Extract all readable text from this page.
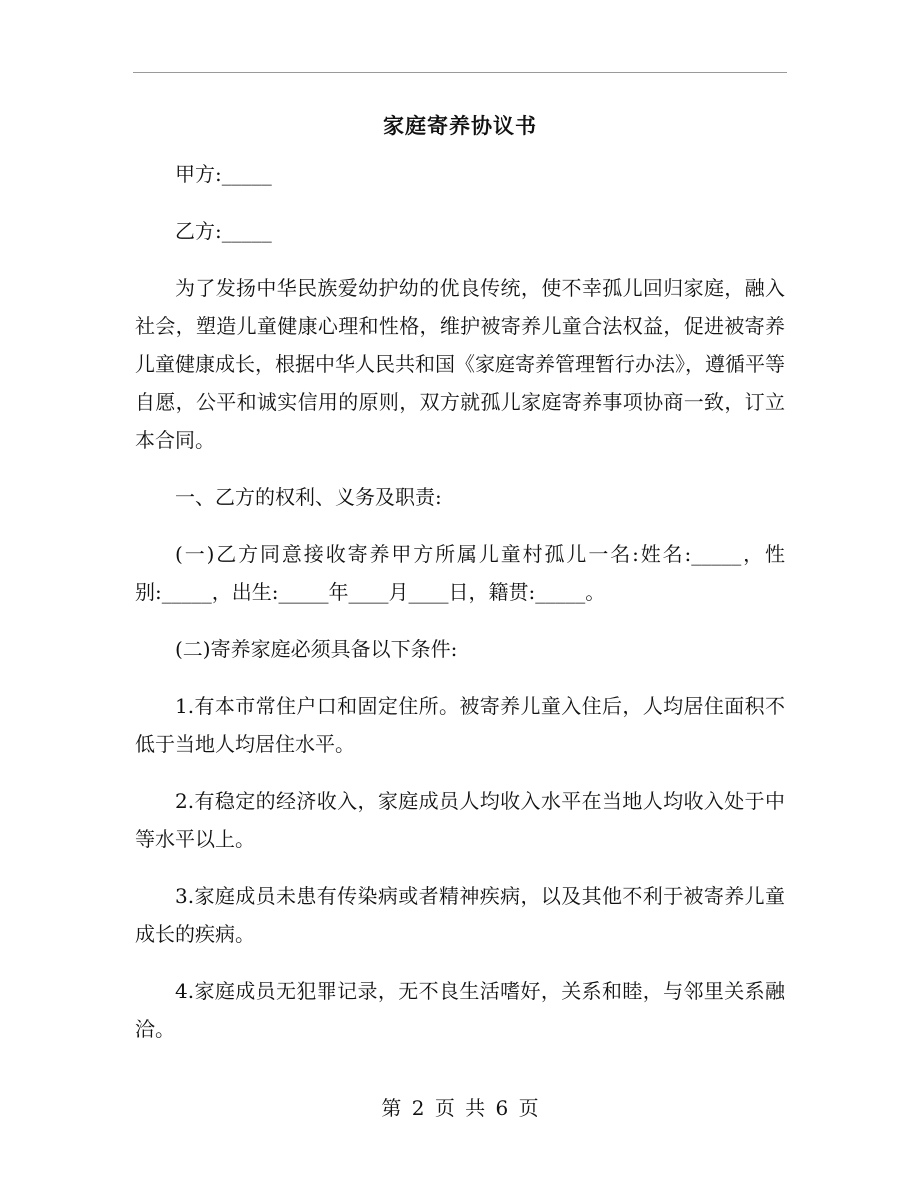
家庭寄养协议书

甲方:_____

乙方:_____

为了发扬中华民族爱幼护幼的优良传统，使不幸孤儿回归家庭，融入社会，塑造儿童健康心理和性格，维护被寄养儿童合法权益，促进被寄养儿童健康成长，根据中华人民共和国《家庭寄养管理暂行办法》，遵循平等自愿，公平和诚实信用的原则，双方就孤儿家庭寄养事项协商一致，订立本合同。

一、乙方的权利、义务及职责:

(一)乙方同意接收寄养甲方所属儿童村孤儿一名:姓名:_____，性别:_____，出生:_____年____月____日，籍贯:_____。

(二)寄养家庭必须具备以下条件:

1.有本市常住户口和固定住所。被寄养儿童入住后，人均居住面积不低于当地人均居住水平。

2.有稳定的经济收入，家庭成员人均收入水平在当地人均收入处于中等水平以上。

3.家庭成员未患有传染病或者精神疾病，以及其他不利于被寄养儿童成长的疾病。

4.家庭成员无犯罪记录，无不良生活嗜好，关系和睦，与邻里关系融洽。

第 2 页 共 6 页
